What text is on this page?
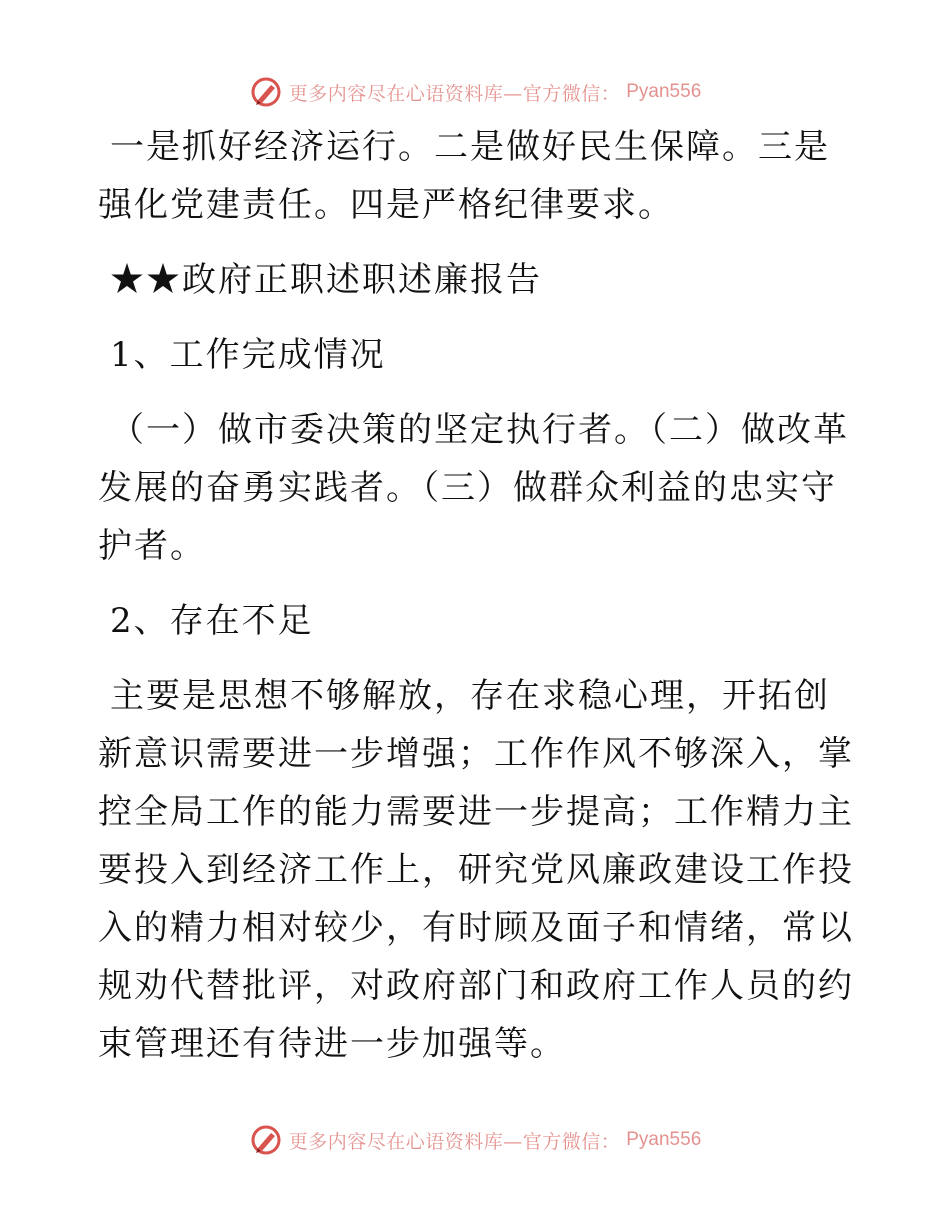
更多内容尽在心语资料库—官方微信： Pyan556

一是抓好经济运行。二是做好民生保障。三是强化党建责任。四是严格纪律要求。

★★政府正职述职述廉报告

1、工作完成情况

（一）做市委决策的坚定执行者。（二）做改革发展的奋勇实践者。（三）做群众利益的忠实守护者。

2、存在不足

主要是思想不够解放，存在求稳心理，开拓创新意识需要进一步增强；工作作风不够深入，掌控全局工作的能力需要进一步提高；工作精力主要投入到经济工作上，研究党风廉政建设工作投入的精力相对较少，有时顾及面子和情绪，常以规劝代替批评，对政府部门和政府工作人员的约束管理还有待进一步加强等。

更多内容尽在心语资料库—官方微信： Pyan556
